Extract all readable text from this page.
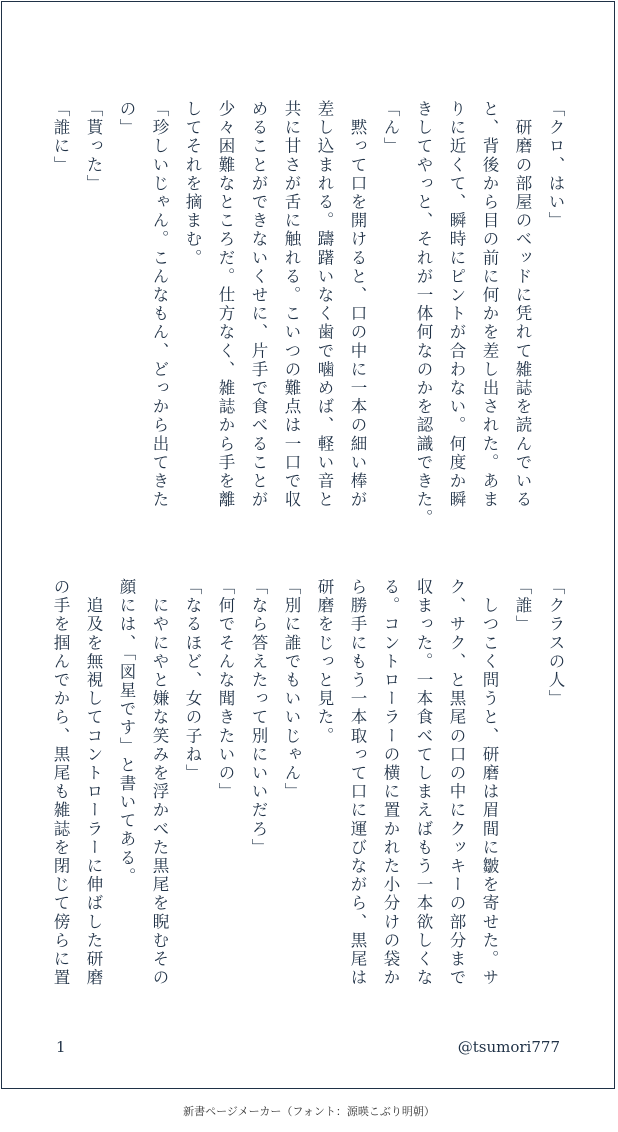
「クロ、はい」
　研磨の部屋のベッドに凭れて雑誌を読んでいる
と、背後から目の前に何かを差し出された。あま
りに近くて、瞬時にピントが合わない。何度か瞬
きしてやっと、それが一体何なのかを認識できた。
「ん」
　黙って口を開けると、口の中に一本の細い棒が
差し込まれる。躊躇いなく歯で噛めば、軽い音と
共に甘さが舌に触れる。こいつの難点は一口で収
めることができないくせに、片手で食べることが
少々困難なところだ。仕方なく、雑誌から手を離
してそれを摘まむ。
「珍しいじゃん。こんなもん、どっから出てきた
の」
「貰った」
「誰に」
「クラスの人」
「誰」
　しつこく問うと、研磨は眉間に皺を寄せた。サ
ク、サク、と黒尾の口の中にクッキーの部分まで
収まった。一本食べてしまえばもう一本欲しくな
る。コントローラーの横に置かれた小分けの袋か
ら勝手にもう一本取って口に運びながら、黒尾は
研磨をじっと見た。
「別に誰でもいいじゃん」
「なら答えたって別にいいだろ」
「何でそんな聞きたいの」
「なるほど、女の子ね」
　にやにやと嫌な笑みを浮かべた黒尾を睨むその
顔には、「図星です」と書いてある。
　追及を無視してコントローラーに伸ばした研磨
の手を掴んでから、黒尾も雑誌を閉じて傍らに置
1	@tsumori777
新書ページメーカー（フォント：源暎こぶり明朝）
